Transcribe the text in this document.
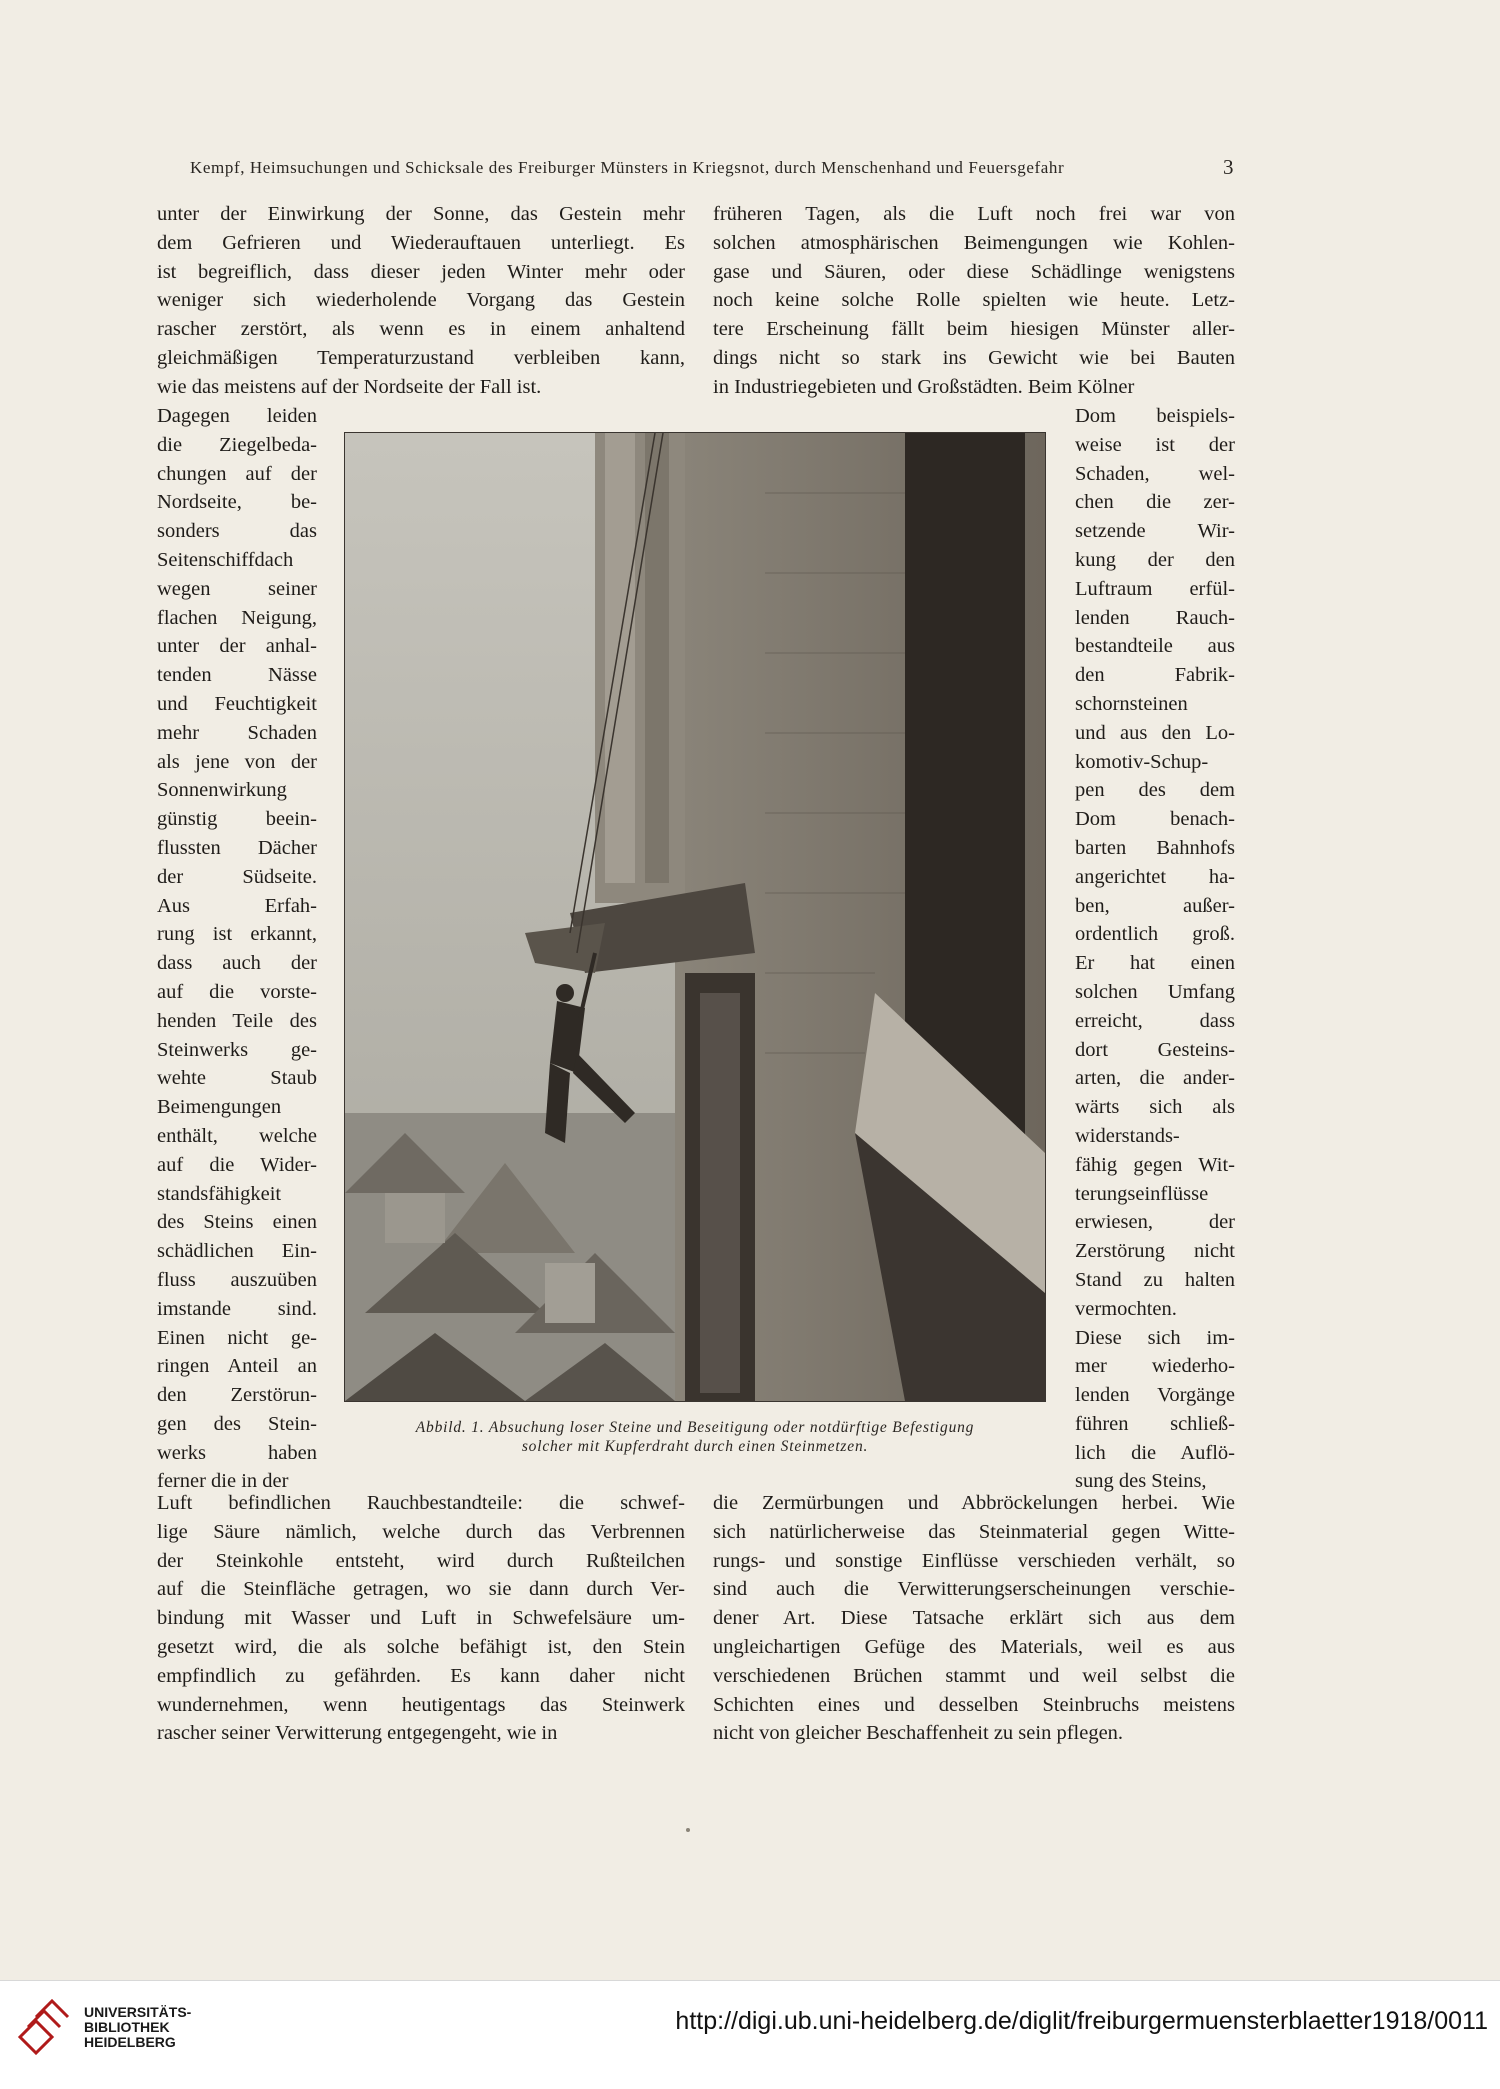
Kempf, Heimsuchungen und Schicksale des Freiburger Münsters in Kriegsnot, durch Menschenhand und Feuersgefahr	3
unter der Einwirkung der Sonne, das Gestein mehr
dem Gefrieren und Wiederauftauen unterliegt. Es
ist begreiflich, dass dieser jeden Winter mehr oder
weniger sich wiederholende Vorgang das Gestein
rascher zerstört, als wenn es in einem anhaltend
gleichmäßigen Temperaturzustand verbleiben kann,
wie das meistens auf der Nordseite der Fall ist.
früheren Tagen, als die Luft noch frei war von
solchen atmosphärischen Beimengungen wie Kohlen-
gase und Säuren, oder diese Schädlinge wenigstens
noch keine solche Rolle spielten wie heute. Letz-
tere Erscheinung fällt beim hiesigen Münster aller-
dings nicht so stark ins Gewicht wie bei Bauten
in Industriegebieten und Großstädten. Beim Kölner
Dagegen leiden
die Ziegelbeda-
chungen auf der
Nordseite, be-
sonders das
Seitenschiffdach
wegen seiner
flachen Neigung,
unter der anhal-
tenden Nässe
und Feuchtigkeit
mehr Schaden
als jene von der
Sonnenwirkung
günstig beein-
flussten Dächer
der Südseite.
Aus Erfah-
rung ist erkannt,
dass auch der
auf die vorste-
henden Teile des
Steinwerks ge-
wehte Staub
Beimengungen
enthält, welche
auf die Wider-
standsfähigkeit
des Steins einen
schädlichen Ein-
fluss auszuüben
imstande sind.
Einen nicht ge-
ringen Anteil an
den Zerstörun-
gen des Stein-
werks haben
ferner die in der
Dom beispiels-
weise ist der
Schaden, wel-
chen die zer-
setzende Wir-
kung der den
Luftraum erfül-
lenden Rauch-
bestandteile aus
den Fabrik-
schornsteinen
und aus den Lo-
komotiv-Schup-
pen des dem
Dom benach-
barten Bahnhofs
angerichtet ha-
ben, außer-
ordentlich groß.
Er hat einen
solchen Umfang
erreicht, dass
dort Gesteins-
arten, die ander-
wärts sich als
widerstands-
fähig gegen Wit-
terungseinflüsse
erwiesen, der
Zerstörung nicht
Stand zu halten
vermochten.
Diese sich im-
mer wiederho-
lenden Vorgänge
führen schließ-
lich die Auflö-
sung des Steins,
Abbild. 1. Absuchung loser Steine und Beseitigung oder notdürftige Befestigung
solcher mit Kupferdraht durch einen Steinmetzen.
Luft befindlichen Rauchbestandteile: die schwef-
lige Säure nämlich, welche durch das Verbrennen
der Steinkohle entsteht, wird durch Rußteilchen
auf die Steinfläche getragen, wo sie dann durch Ver-
bindung mit Wasser und Luft in Schwefelsäure um-
gesetzt wird, die als solche befähigt ist, den Stein
empfindlich zu gefährden. Es kann daher nicht
wundernehmen, wenn heutigentags das Steinwerk
rascher seiner Verwitterung entgegengeht, wie in
die Zermürbungen und Abbröckelungen herbei. Wie
sich natürlicherweise das Steinmaterial gegen Witte-
rungs- und sonstige Einflüsse verschieden verhält, so
sind auch die Verwitterungserscheinungen verschie-
dener Art. Diese Tatsache erklärt sich aus dem
ungleichartigen Gefüge des Materials, weil es aus
verschiedenen Brüchen stammt und weil selbst die
Schichten eines und desselben Steinbruchs meistens
nicht von gleicher Beschaffenheit zu sein pflegen.
UNIVERSITÄTS-
BIBLIOTHEK
HEIDELBERG
http://digi.ub.uni-heidelberg.de/diglit/freiburgermuensterblaetter1918/0011
